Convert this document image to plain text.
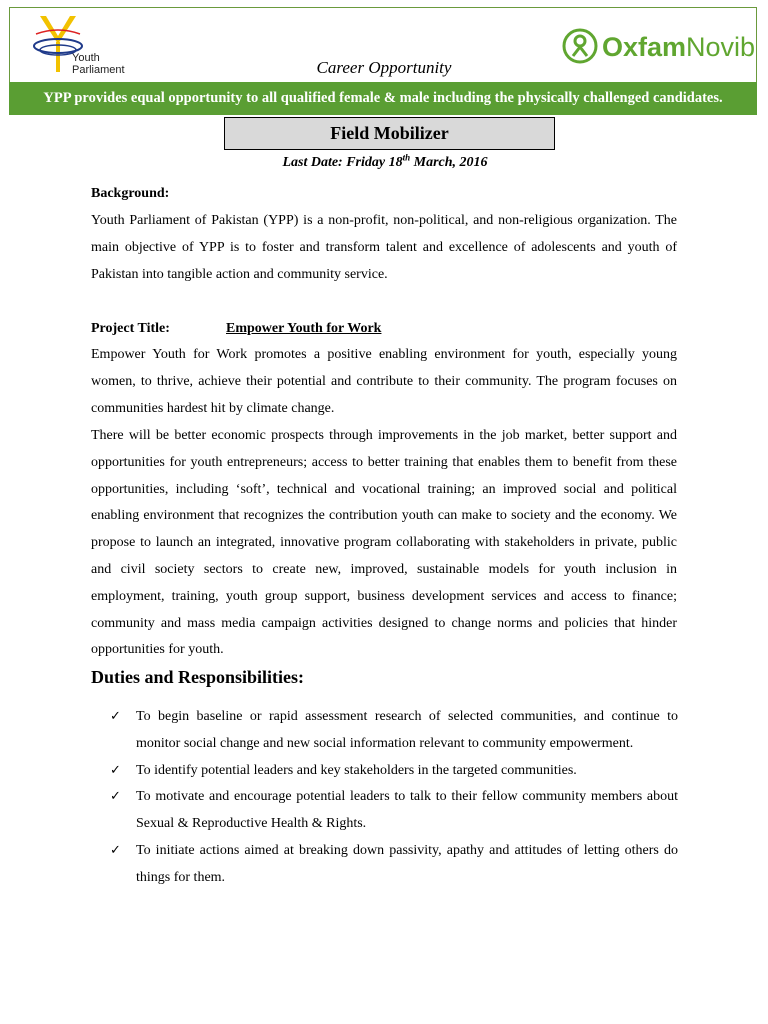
Youth
Parliament	Career Opportunity
OxfamNovib
YPP provides equal opportunity to all qualified female & male including the physically challenged candidates.
Field Mobilizer
Last Date: Friday 18th March, 2016
Background:
Youth Parliament of Pakistan (YPP) is a non-profit, non-political, and non-religious organization. The main objective of YPP is to foster and transform talent and excellence of adolescents and youth of Pakistan into tangible action and community service.
Project Title:	Empower Youth for Work
Empower Youth for Work promotes a positive enabling environment for youth, especially young women, to thrive, achieve their potential and contribute to their community. The program focuses on communities hardest hit by climate change.
There will be better economic prospects through improvements in the job market, better support and opportunities for youth entrepreneurs; access to better training that enables them to benefit from these opportunities, including ‘soft’, technical and vocational training; an improved social and political enabling environment that recognizes the contribution youth can make to society and the economy. We propose to launch an integrated, innovative program collaborating with stakeholders in private, public and civil society sectors to create new, improved, sustainable models for youth inclusion in employment, training, youth group support, business development services and access to finance; community and mass media campaign activities designed to change norms and policies that hinder opportunities for youth.
Duties and Responsibilities:
✓ To begin baseline or rapid assessment research of selected communities, and continue to monitor social change and new social information relevant to community empowerment.
✓ To identify potential leaders and key stakeholders in the targeted communities.
✓ To motivate and encourage potential leaders to talk to their fellow community members about Sexual & Reproductive Health & Rights.
✓ To initiate actions aimed at breaking down passivity, apathy and attitudes of letting others do things for them.
